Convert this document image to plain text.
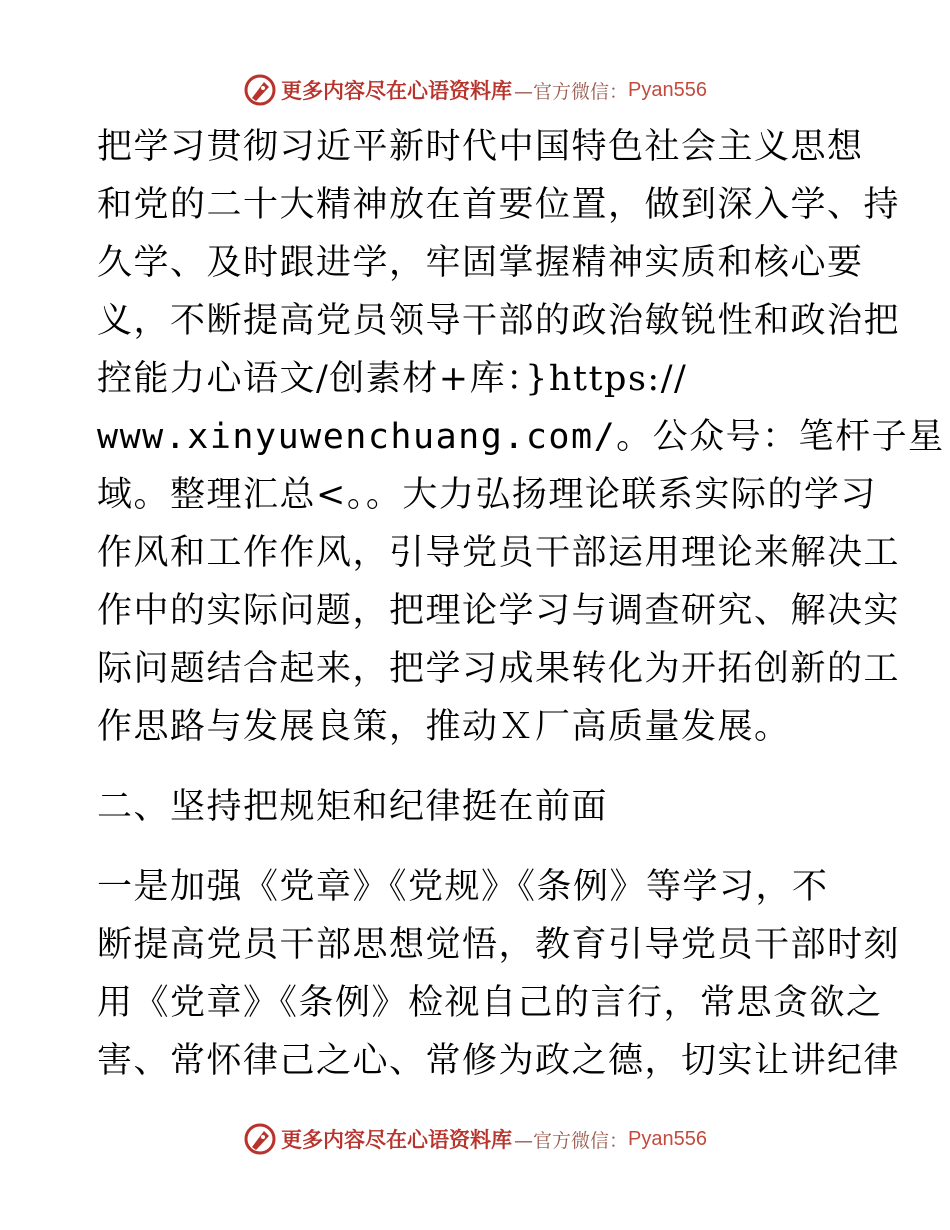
更多内容尽在心语资料库 —官方微信： Pyan556
把学习贯彻习近平新时代中国特色社会主义思想
和党的二十大精神放在首要位置，做到深入学、持
久学、及时跟进学，牢固掌握精神实质和核心要
义，不断提高党员领导干部的政治敏锐性和政治把
控能力心语文/创素材+库：}https://
www.xinyuwenchuang.com/。公众号：笔杆子星
域。整理汇总<。。大力弘扬理论联系实际的学习
作风和工作作风，引导党员干部运用理论来解决工
作中的实际问题，把理论学习与调查研究、解决实
际问题结合起来，把学习成果转化为开拓创新的工
作思路与发展良策，推动Ｘ厂高质量发展。
二、坚持把规矩和纪律挺在前面
一是加强《党章》《党规》《条例》等学习，不
断提高党员干部思想觉悟，教育引导党员干部时刻
用《党章》《条例》检视自己的言行，常思贪欲之
害、常怀律己之心、常修为政之德，切实让讲纪律
更多内容尽在心语资料库 —官方微信： Pyan556
